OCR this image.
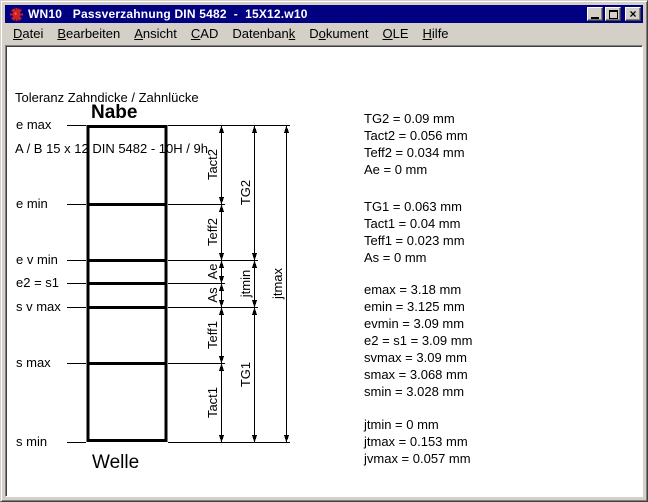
WN10   Passverzahnung DIN 5482  -  15X12.w10	×
Datei	Bearbeiten	Ansicht	CAD	Datenbank	Dokument	OLE	Hilfe

Toleranz Zahndicke / Zahnlücke

A / B 15 x 12 DIN 5482 - 10H / 9h

Nabe
Welle
e max
e min
e v min
e2 = s1
s v max
s max
s min
Tact2
Teff2
Ae
As
Teff1
Tact1
TG2
jtmin
TG1
jtmax
TG2 = 0.09 mm
Tact2 = 0.056 mm
Teff2 = 0.034 mm
Ae = 0 mm
TG1 = 0.063 mm
Tact1 = 0.04 mm
Teff1 = 0.023 mm
As = 0 mm
emax = 3.18 mm
emin = 3.125 mm
evmin = 3.09 mm
e2 = s1 = 3.09 mm
svmax = 3.09 mm
smax = 3.068 mm
smin = 3.028 mm
jtmin = 0 mm
jtmax = 0.153 mm
jvmax = 0.057 mm
